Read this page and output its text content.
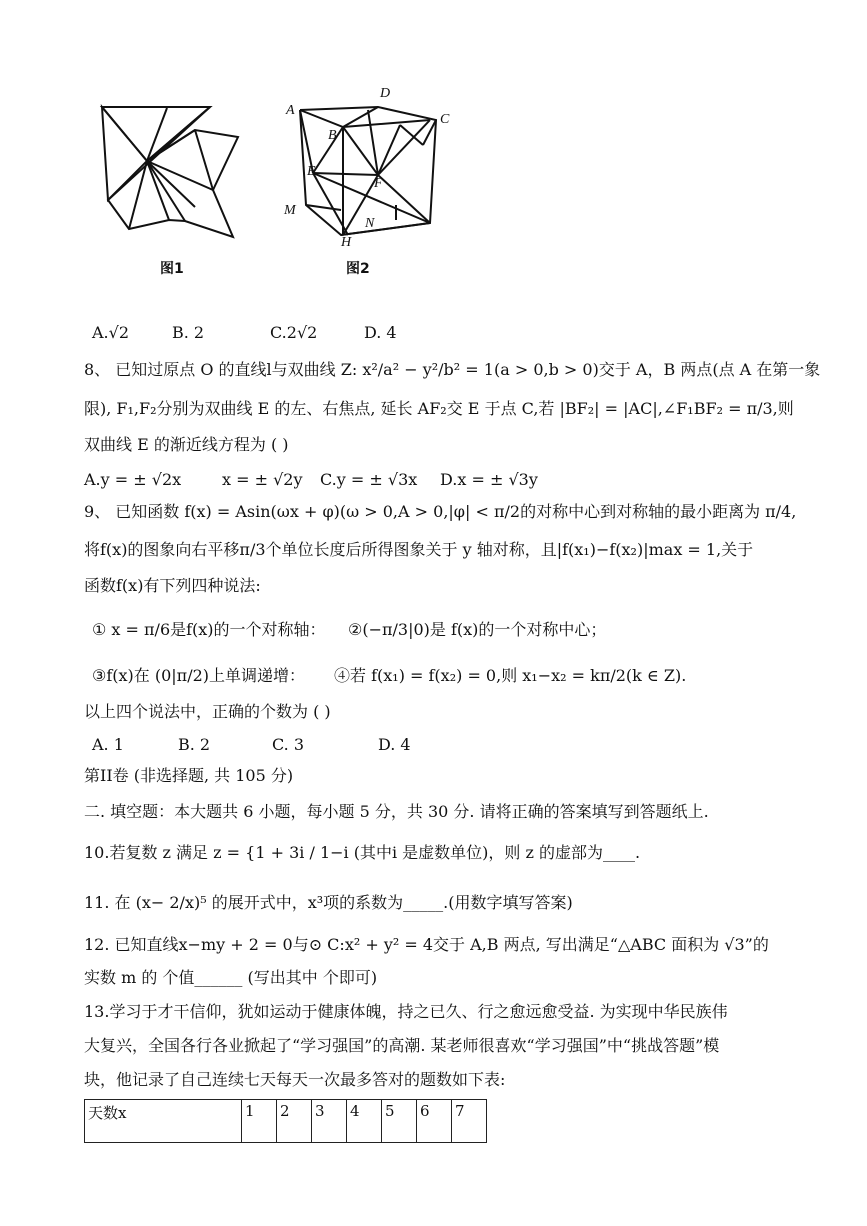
图1
A
D
C
B
E
F
M
N
H
图2
A.√2	B. 2	C.2√2	D. 4
8、 已知过原点 O 的直线l与双曲线 Z: x²/a² − y²/b² = 1(a > 0,b > 0)交于 A，B 两点(点 A 在第一象
限), F₁,F₂分别为双曲线 E 的左、右焦点, 延长 AF₂交 E 于点 C,若 |BF₂| = |AC|,∠F₁BF₂ = π/3,则
双曲线 E 的渐近线方程为 ( )
A.y = ± √2x	x = ± √2y C.y = ± √3x D.x = ± √3y
9、 已知函数 f(x) = Asin(ωx + φ)(ω > 0,A > 0,|φ| < π/2的对称中心到对称轴的最小距离为 π/4,
将f(x)的图象向右平移π/3个单位长度后所得图象关于 y 轴对称，且|f(x₁)−f(x₂)|max = 1,关于
函数f(x)有下列四种说法:
① x = π/6是f(x)的一个对称轴： ②(−π/3|0)是 f(x)的一个对称中心；
③f(x)在 (0|π/2)上单调递增： ④若 f(x₁) = f(x₂) = 0,则 x₁−x₂ = kπ/2(k ∈ Z).
以上四个说法中，正确的个数为 ( )
A. 1	B. 2	C. 3	D. 4
第II卷 (非选择题, 共 105 分)
二. 填空题：本大题共 6 小题，每小题 5 分，共 30 分. 请将正确的答案填写到答题纸上.
10.若复数 z 满足 z = {1 + 3i / 1−i (其中i 是虚数单位)，则 z 的虚部为____.
11. 在 (x− 2/x)⁵ 的展开式中，x³项的系数为_____.(用数字填写答案)
12. 已知直线x−my + 2 = 0与⊙ C:x² + y² = 4交于 A,B 两点, 写出满足“△ABC 面积为 √3”的
实数 m 的 个值______ (写出其中 个即可)
13.学习于才干信仰，犹如运动于健康体魄，持之已久、行之愈远愈受益. 为实现中华民族伟
大复兴，全国各行各业掀起了“学习强国”的高潮. 某老师很喜欢“学习强国”中“挑战答题”模
块，他记录了自己连续七天每天一次最多答对的题数如下表:
天数x	1	2	3	4	5	6	7
